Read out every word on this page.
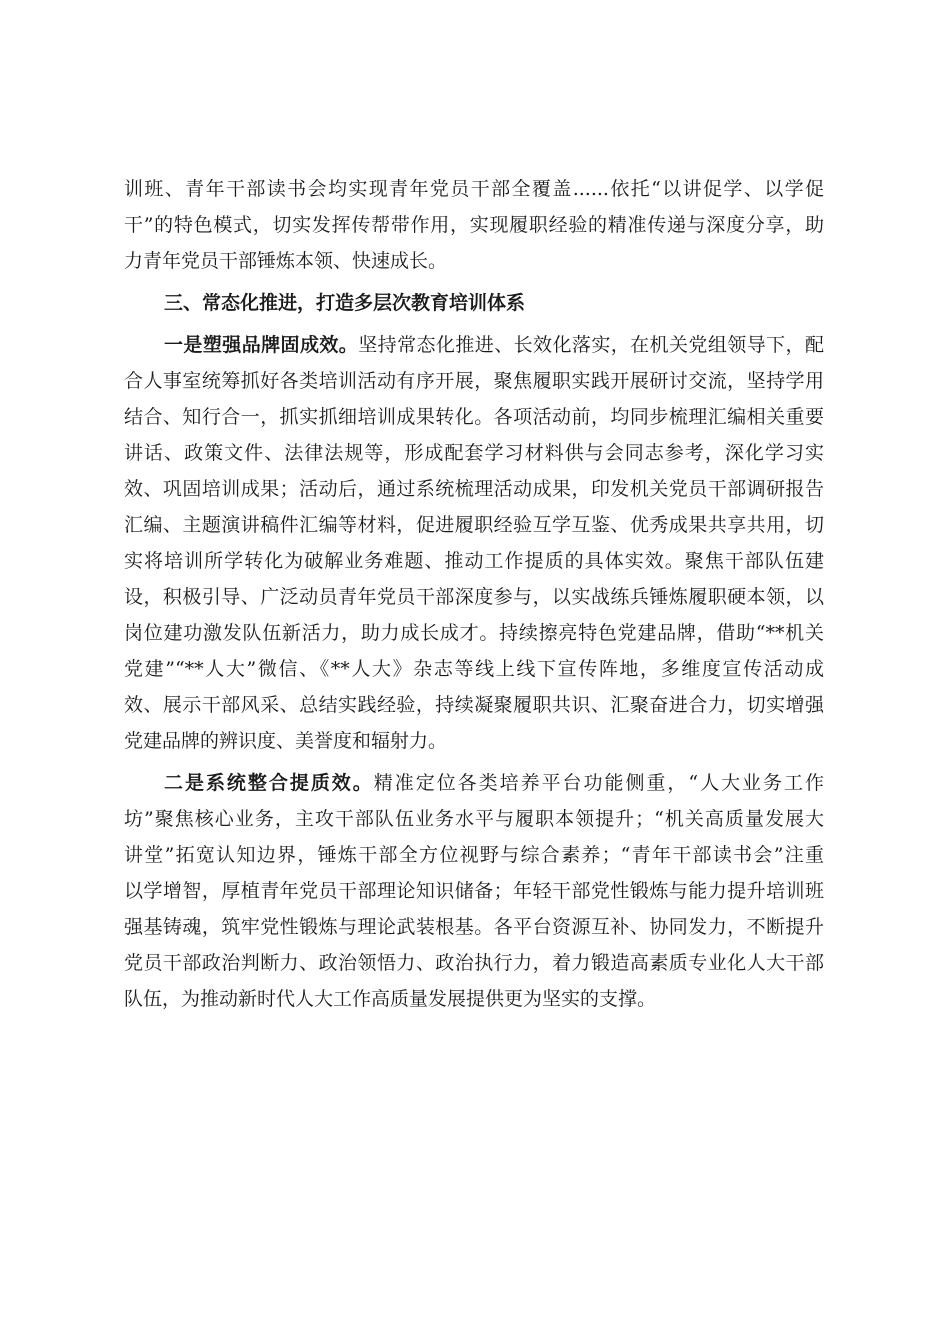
训班、青年干部读书会均实现青年党员干部全覆盖......依托“以讲促学、以学促
干”的特色模式，切实发挥传帮带作用，实现履职经验的精准传递与深度分享，助
力青年党员干部锤炼本领、快速成长。
三、常态化推进，打造多层次教育培训体系
一是塑强品牌固成效。坚持常态化推进、长效化落实，在机关党组领导下，配
合人事室统筹抓好各类培训活动有序开展，聚焦履职实践开展研讨交流，坚持学用
结合、知行合一，抓实抓细培训成果转化。各项活动前，均同步梳理汇编相关重要
讲话、政策文件、法律法规等，形成配套学习材料供与会同志参考，深化学习实
效、巩固培训成果；活动后，通过系统梳理活动成果，印发机关党员干部调研报告
汇编、主题演讲稿件汇编等材料，促进履职经验互学互鉴、优秀成果共享共用，切
实将培训所学转化为破解业务难题、推动工作提质的具体实效。聚焦干部队伍建
设，积极引导、广泛动员青年党员干部深度参与，以实战练兵锤炼履职硬本领，以
岗位建功激发队伍新活力，助力成长成才。持续擦亮特色党建品牌，借助“**机关
党建”“**人大”微信、《**人大》杂志等线上线下宣传阵地，多维度宣传活动成
效、展示干部风采、总结实践经验，持续凝聚履职共识、汇聚奋进合力，切实增强
党建品牌的辨识度、美誉度和辐射力。
二是系统整合提质效。精准定位各类培养平台功能侧重，“人大业务工作
坊”聚焦核心业务，主攻干部队伍业务水平与履职本领提升；“机关高质量发展大
讲堂”拓宽认知边界，锤炼干部全方位视野与综合素养；“青年干部读书会”注重
以学增智，厚植青年党员干部理论知识储备；年轻干部党性锻炼与能力提升培训班
强基铸魂，筑牢党性锻炼与理论武装根基。各平台资源互补、协同发力，不断提升
党员干部政治判断力、政治领悟力、政治执行力，着力锻造高素质专业化人大干部
队伍，为推动新时代人大工作高质量发展提供更为坚实的支撑。
